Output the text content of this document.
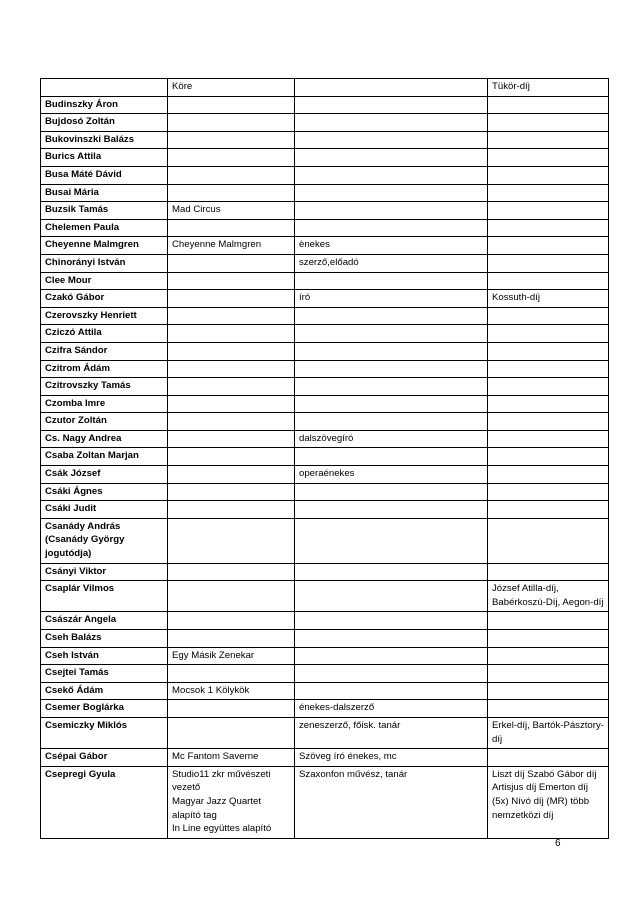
	Köre		Tükör-díj

Budinszky Áron			

Bujdosó Zoltán			

Bukovinszki Balázs			

Burics Attila			

Busa Máté Dávid			

Busai Mária			

Buzsik Tamás	Mad Circus		

Chelemen Paula			

Cheyenne Malmgren	Cheyenne Malmgren	ènekes	

Chinorányi István		szerző,előadó	

Clee Mour			

Czakó Gábor		író	Kossuth-díj

Czerovszky Henriett			

Cziczó Attila			

Czifra Sándor			

Czitrom Ádám			

Czitrovszky Tamás			

Czomba Imre			

Czutor Zoltán			

Cs. Nagy Andrea		dalszövegíró	

Csaba Zoltan Marjan			

Csák József		operaénekes	

Csáki Ágnes			

Csáki Judit			

Csanády András (Csanády György jogutódja)			

Csányi Viktor			

Csaplár Vilmos			József Atilla-díj, Babérkoszú-Díj, Aegon-díj

Császár Angela			

Cseh Balázs			

Cseh István	Egy Másik Zenekar		

Csejtei Tamás			

Csekő Ádám	Mocsok 1 Kölykök		

Csemer Boglárka		énekes-dalszerző	

Csemiczky Miklós		zeneszerző, főisk. tanár	Erkel-díj, Bartók-Pásztory-díj

Csépai Gábor	Mc Fantom Saverne	Szöveg író énekes, mc	

Csepregi Gyula	Studio11 zkr művészeti vezető
Magyar Jazz Quartet alapító tag
In Line együttes alapító	Szaxonfon művész, tanár	Liszt díj Szabó Gábor díj Artisjus díj Emerton díj (5x) Nívó díj (MR) több nemzetközi díj
6
